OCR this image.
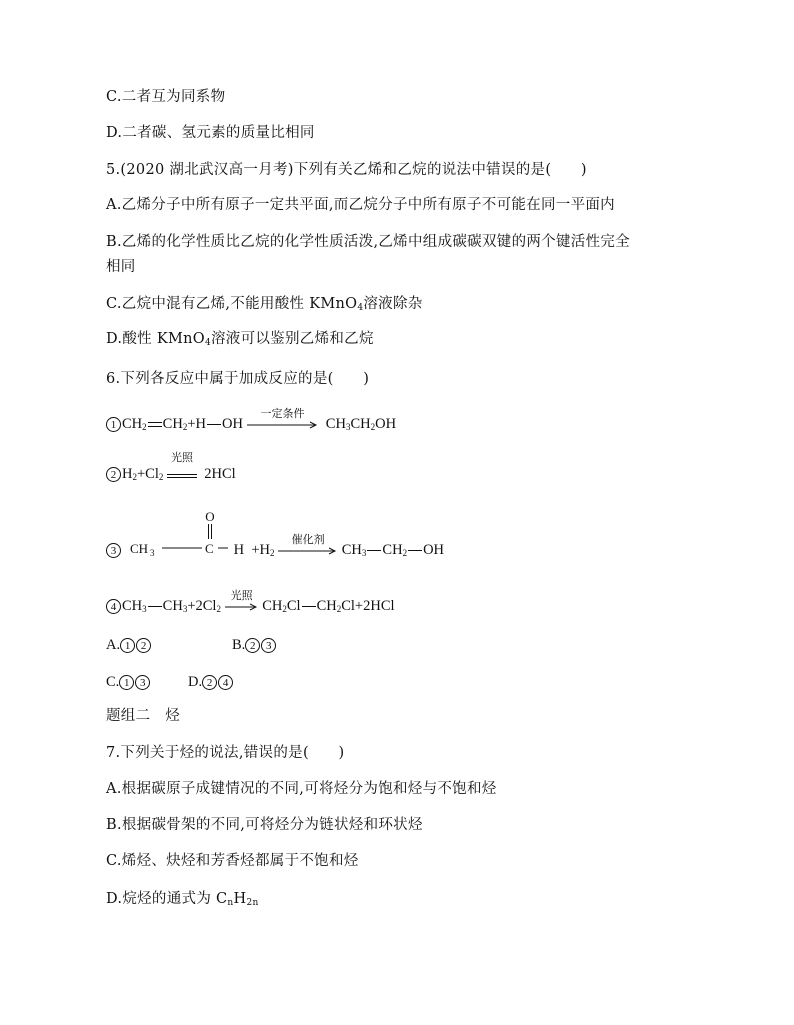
C.二者互为同系物
D.二者碳、氢元素的质量比相同
5.(2020 湖北武汉高一月考)下列有关乙烯和乙烷的说法中错误的是(　　)
A.乙烯分子中所有原子一定共平面,而乙烷分子中所有原子不可能在同一平面内
B.乙烯的化学性质比乙烷的化学性质活泼,乙烯中组成碳碳双键的两个键活性完全
相同
C.乙烷中混有乙烯,不能用酸性 KMnO$_4$溶液除杂
D.酸性 KMnO$_4$溶液可以鉴别乙烯和乙烷
6.下列各反应中属于加成反应的是(　　)
1 $CH_2$ $CH_2+H$ OH
一定条件
$CH_3CH_2OH$
2 $H_2+Cl_2$
光照
2HCl
3
O
CH 3	C $H +H_2$
催化剂
$CH_3$ $CH_2$ OH
4 $CH_3$ $CH_3+2Cl_2$
光照
$CH_2Cl$ $CH_2Cl+2HCl$
A. 1 2	B. 2 3
C. 1 3	D. 2 4
题组二　烃
7.下列关于烃的说法,错误的是(　　)
A.根据碳原子成键情况的不同,可将烃分为饱和烃与不饱和烃
B.根据碳骨架的不同,可将烃分为链状烃和环状烃
C.烯烃、炔烃和芳香烃都属于不饱和烃
D.烷烃的通式为 $C_nH_{2n}$
